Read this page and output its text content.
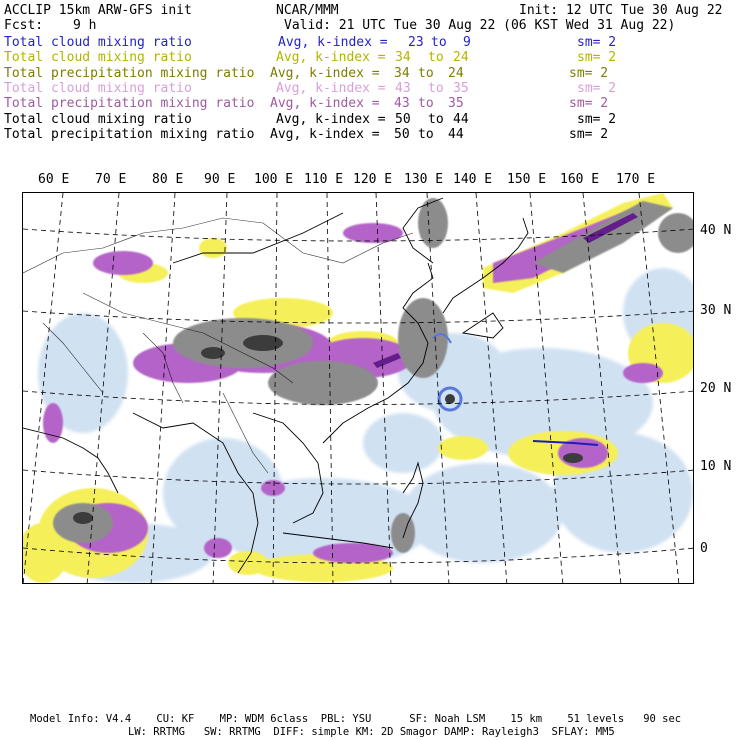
ACCLIP 15km ARW-GFS init	NCAR/MMM	Init: 12 UTC Tue 30 Aug 22
Fcst: 9 h	Valid: 21 UTC Tue 30 Aug 22 (06 KST Wed 31 Aug 22)
Total cloud mixing ratio	Avg, k-index = 23 to 9	sm= 2
Total cloud mixing ratio	Avg, k-index = 34 to 24	sm= 2
Total precipitation mixing ratio Avg, k-index = 34 to 24	sm= 2
Total cloud mixing ratio	Avg, k-index = 43 to 35	sm= 2
Total precipitation mixing ratio Avg, k-index = 43 to 35	sm= 2
Total cloud mixing ratio	Avg, k-index = 50 to 44	sm= 2
Total precipitation mixing ratio Avg, k-index = 50 to 44	sm= 2
60 E 70 E 80 E 90 E 100 E 110 E 120 E 130 E 140 E 150 E 160 E 170 E
40 N
30 N
20 N
10 N
0
Model Info: V4.4    CU: KF    MP: WDM 6class  PBL: YSU      SF: Noah LSM    15 km    51 levels   90 sec
LW: RRTMG   SW: RRTMG  DIFF: simple KM: 2D Smagor DAMP: Rayleigh3  SFLAY: MM5
